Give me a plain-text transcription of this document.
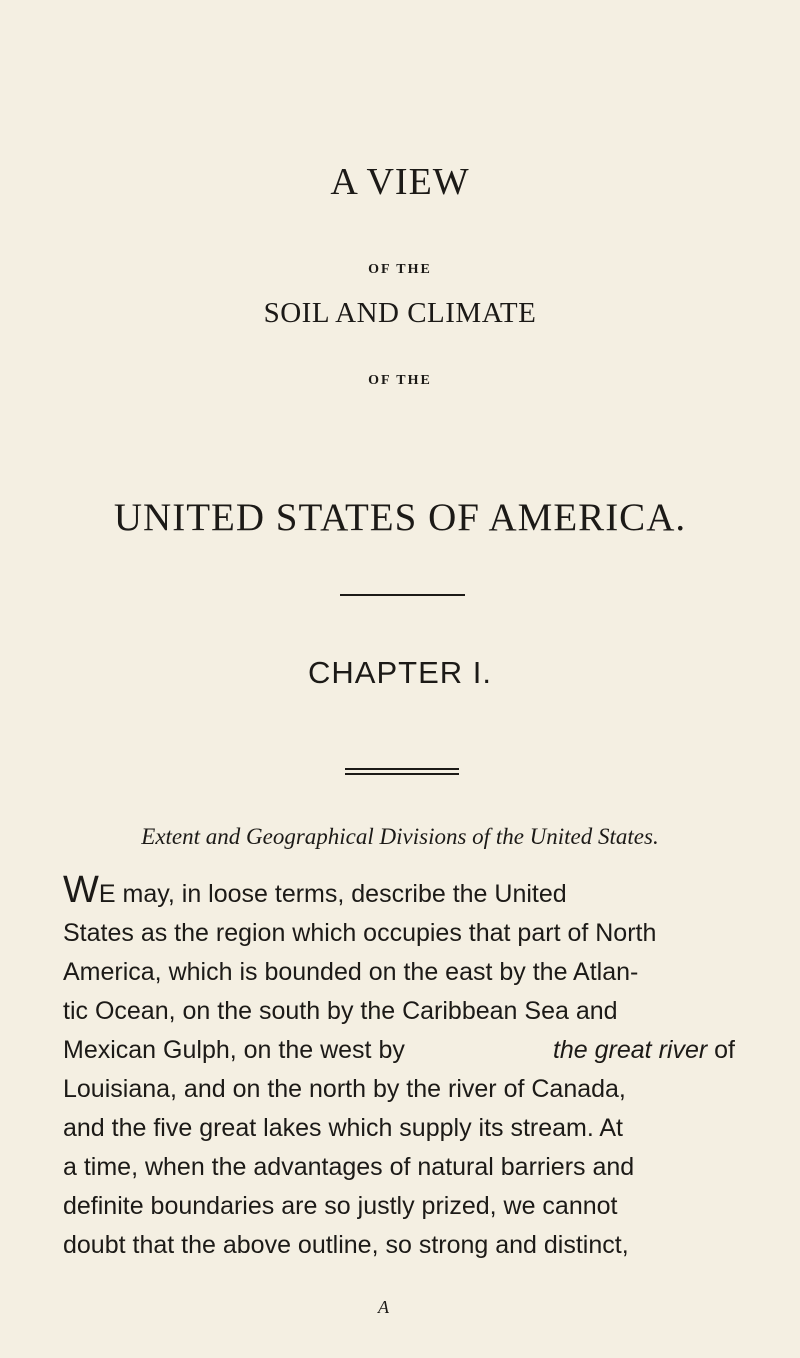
A VIEW
OF THE
SOIL AND CLIMATE
OF THE
UNITED STATES OF AMERICA.
CHAPTER I.
Extent and Geographical Divisions of the United States.
WE may, in loose terms, describe the United
States as the region which occupies that part of North
America, which is bounded on the east by the Atlan-
tic Ocean, on the south by the Caribbean Sea and
Mexican Gulph, on the west by	the great river of
Louisiana, and on the north by the river of Canada,
and the five great lakes which supply its stream. At
a time, when the advantages of natural barriers and
definite boundaries are so justly prized, we cannot
doubt that the above outline, so strong and distinct,
A
